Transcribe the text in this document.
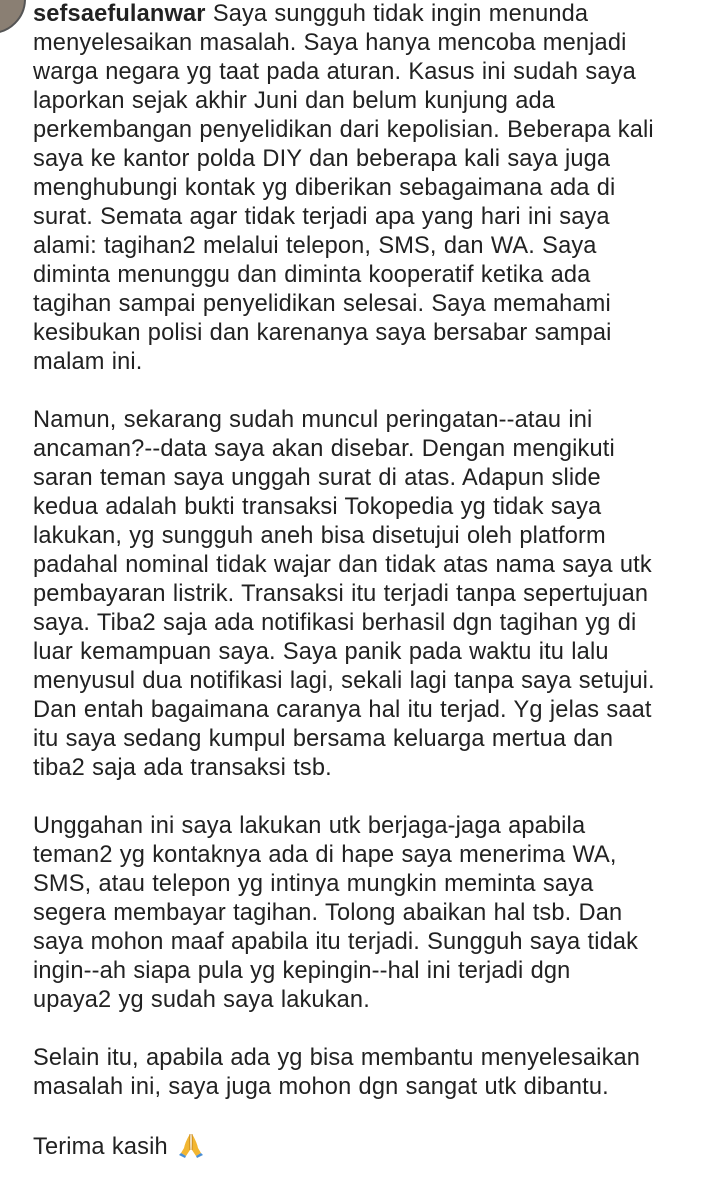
sefsaefulanwar Saya sungguh tidak ingin menunda
menyelesaikan masalah. Saya hanya mencoba menjadi
warga negara yg taat pada aturan. Kasus ini sudah saya
laporkan sejak akhir Juni dan belum kunjung ada
perkembangan penyelidikan dari kepolisian. Beberapa kali
saya ke kantor polda DIY dan beberapa kali saya juga
menghubungi kontak yg diberikan sebagaimana ada di
surat. Semata agar tidak terjadi apa yang hari ini saya
alami: tagihan2 melalui telepon, SMS, dan WA. Saya
diminta menunggu dan diminta kooperatif ketika ada
tagihan sampai penyelidikan selesai. Saya memahami
kesibukan polisi dan karenanya saya bersabar sampai
malam ini.

Namun, sekarang sudah muncul peringatan--atau ini
ancaman?--data saya akan disebar. Dengan mengikuti
saran teman saya unggah surat di atas. Adapun slide
kedua adalah bukti transaksi Tokopedia yg tidak saya
lakukan, yg sungguh aneh bisa disetujui oleh platform
padahal nominal tidak wajar dan tidak atas nama saya utk
pembayaran listrik. Transaksi itu terjadi tanpa sepertujuan
saya. Tiba2 saja ada notifikasi berhasil dgn tagihan yg di
luar kemampuan saya. Saya panik pada waktu itu lalu
menyusul dua notifikasi lagi, sekali lagi tanpa saya setujui.
Dan entah bagaimana caranya hal itu terjad. Yg jelas saat
itu saya sedang kumpul bersama keluarga mertua dan
tiba2 saja ada transaksi tsb.

Unggahan ini saya lakukan utk berjaga-jaga apabila
teman2 yg kontaknya ada di hape saya menerima WA,
SMS, atau telepon yg intinya mungkin meminta saya
segera membayar tagihan. Tolong abaikan hal tsb. Dan
saya mohon maaf apabila itu terjadi. Sungguh saya tidak
ingin--ah siapa pula yg kepingin--hal ini terjadi dgn
upaya2 yg sudah saya lakukan.

Selain itu, apabila ada yg bisa membantu menyelesaikan
masalah ini, saya juga mohon dgn sangat utk dibantu.

Terima kasih
